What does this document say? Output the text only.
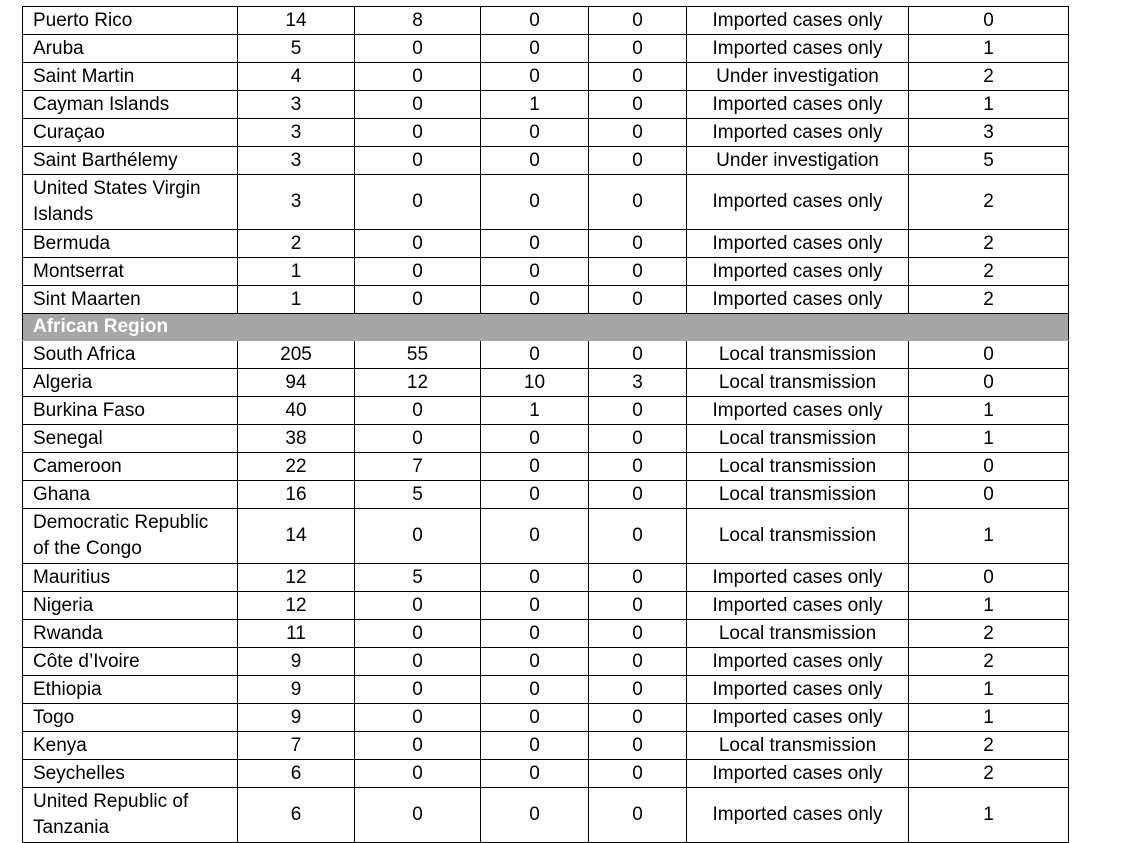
Puerto Rico	14	8	0	0	Imported cases only	0
Aruba	5	0	0	0	Imported cases only	1
Saint Martin	4	0	0	0	Under investigation	2
Cayman Islands	3	0	1	0	Imported cases only	1
Curaçao	3	0	0	0	Imported cases only	3
Saint Barthélemy	3	0	0	0	Under investigation	5
United States Virgin Islands	3	0	0	0	Imported cases only	2
Bermuda	2	0	0	0	Imported cases only	2
Montserrat	1	0	0	0	Imported cases only	2
Sint Maarten	1	0	0	0	Imported cases only	2
African Region						
South Africa	205	55	0	0	Local transmission	0
Algeria	94	12	10	3	Local transmission	0
Burkina Faso	40	0	1	0	Imported cases only	1
Senegal	38	0	0	0	Local transmission	1
Cameroon	22	7	0	0	Local transmission	0
Ghana	16	5	0	0	Local transmission	0
Democratic Republic of the Congo	14	0	0	0	Local transmission	1
Mauritius	12	5	0	0	Imported cases only	0
Nigeria	12	0	0	0	Imported cases only	1
Rwanda	11	0	0	0	Local transmission	2
Côte d’Ivoire	9	0	0	0	Imported cases only	2
Ethiopia	9	0	0	0	Imported cases only	1
Togo	9	0	0	0	Imported cases only	1
Kenya	7	0	0	0	Local transmission	2
Seychelles	6	0	0	0	Imported cases only	2
United Republic of Tanzania	6	0	0	0	Imported cases only	1
